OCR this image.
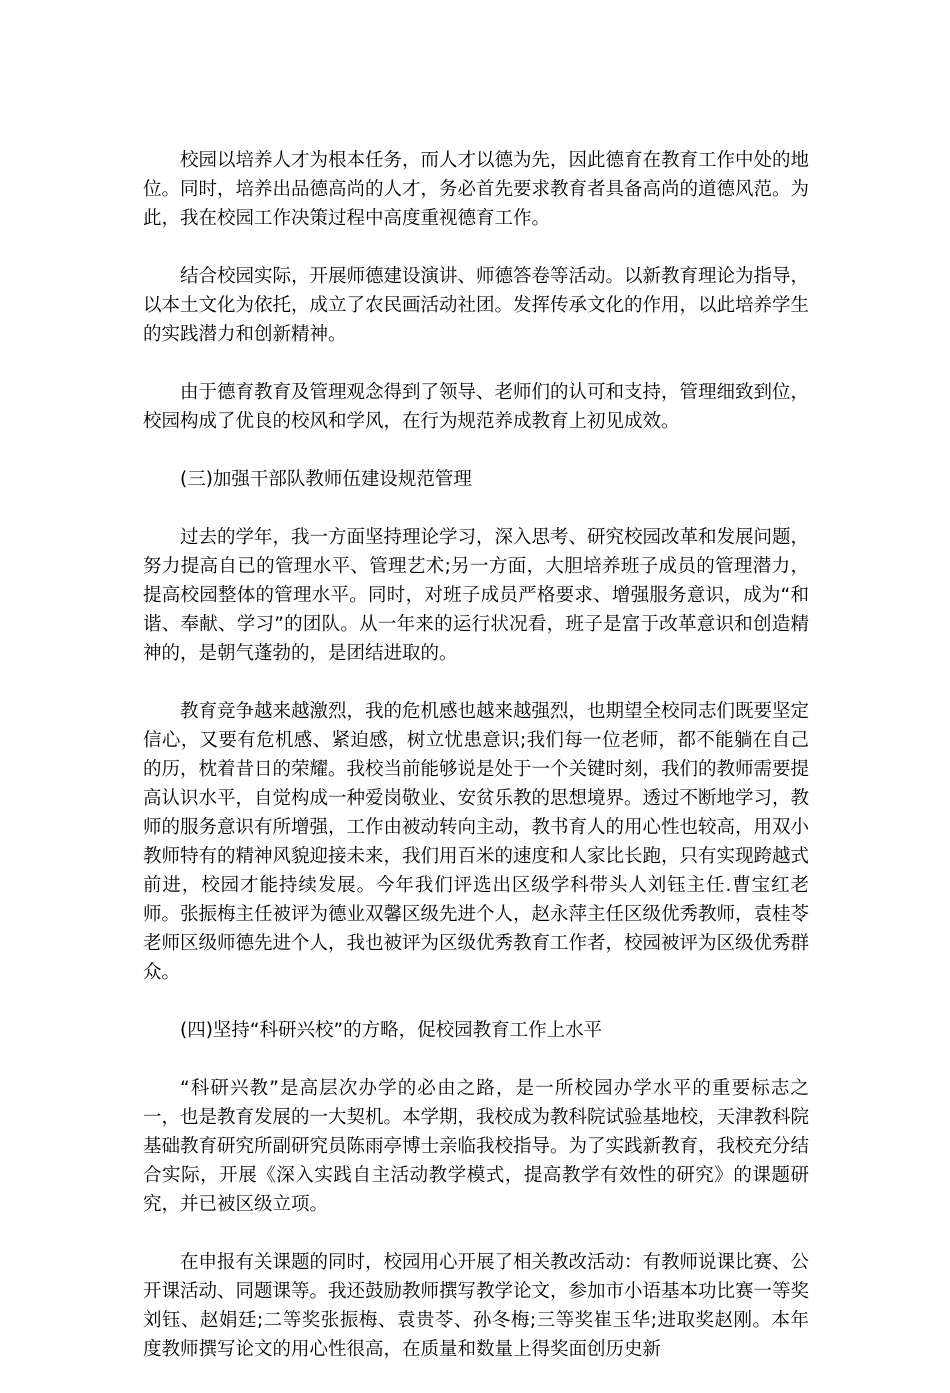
校园以培养人才为根本任务，而人才以德为先，因此德育在教育工作中处的地位。同时，培养出品德高尚的人才，务必首先要求教育者具备高尚的道德风范。为此，我在校园工作决策过程中高度重视德育工作。

结合校园实际，开展师德建设演讲、师德答卷等活动。以新教育理论为指导，以本土文化为依托，成立了农民画活动社团。发挥传承文化的作用，以此培养学生的实践潜力和创新精神。

由于德育教育及管理观念得到了领导、老师们的认可和支持，管理细致到位，校园构成了优良的校风和学风，在行为规范养成教育上初见成效。

(三)加强干部队教师伍建设规范管理

过去的学年，我一方面坚持理论学习，深入思考、研究校园改革和发展问题，努力提高自已的管理水平、管理艺术;另一方面，大胆培养班子成员的管理潜力，提高校园整体的管理水平。同时，对班子成员严格要求、增强服务意识，成为“和谐、奉献、学习”的团队。从一年来的运行状况看，班子是富于改革意识和创造精神的，是朝气蓬勃的，是团结进取的。

教育竞争越来越激烈，我的危机感也越来越强烈，也期望全校同志们既要坚定信心，又要有危机感、紧迫感，树立忧患意识;我们每一位老师，都不能躺在自己的历，枕着昔日的荣耀。我校当前能够说是处于一个关键时刻，我们的教师需要提高认识水平，自觉构成一种爱岗敬业、安贫乐教的思想境界。透过不断地学习，教师的服务意识有所增强，工作由被动转向主动，教书育人的用心性也较高，用双小教师特有的精神风貌迎接未来，我们用百米的速度和人家比长跑，只有实现跨越式前进，校园才能持续发展。今年我们评选出区级学科带头人刘钰主任.曹宝红老师。张振梅主任被评为德业双馨区级先进个人，赵永萍主任区级优秀教师，袁桂苓老师区级师德先进个人，我也被评为区级优秀教育工作者，校园被评为区级优秀群众。

(四)坚持“科研兴校”的方略，促校园教育工作上水平

“科研兴教”是高层次办学的必由之路，是一所校园办学水平的重要标志之一，也是教育发展的一大契机。本学期，我校成为教科院试验基地校，天津教科院基础教育研究所副研究员陈雨亭博士亲临我校指导。为了实践新教育，我校充分结合实际，开展《深入实践自主活动教学模式，提高教学有效性的研究》的课题研究，并已被区级立项。

在申报有关课题的同时，校园用心开展了相关教改活动：有教师说课比赛、公开课活动、同题课等。我还鼓励教师撰写教学论文，参加市小语基本功比赛一等奖刘钰、赵娟廷;二等奖张振梅、袁贵苓、孙冬梅;三等奖崔玉华;进取奖赵刚。本年度教师撰写论文的用心性很高，在质量和数量上得奖面创历史新
